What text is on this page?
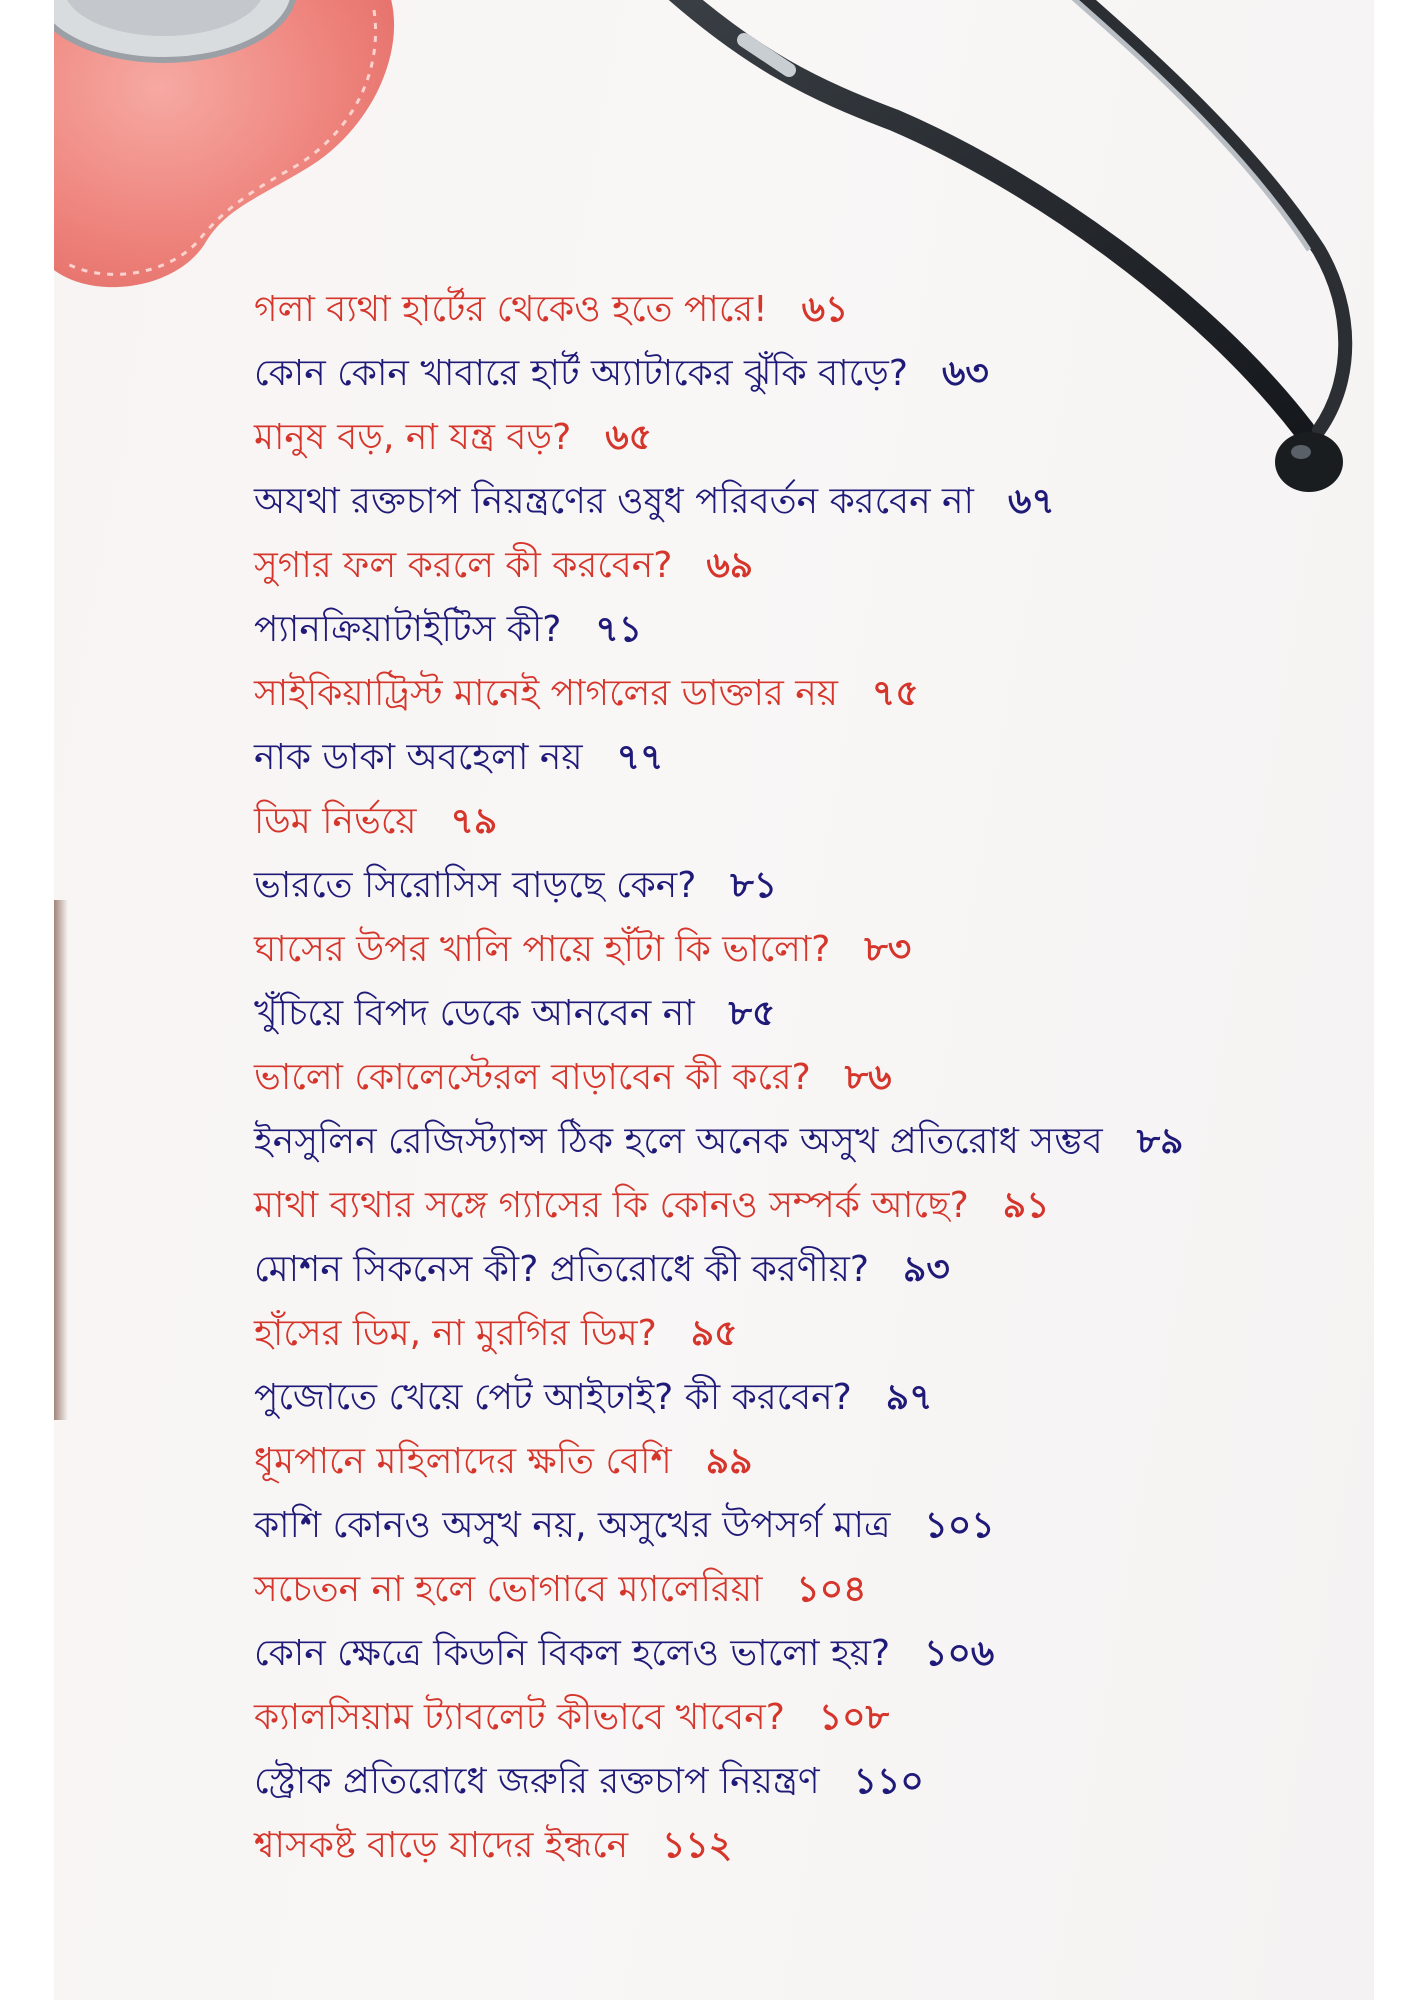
গলা ব্যথা হার্টের থেকেও হতে পারে! ৬১
কোন কোন খাবারে হার্ট অ্যাটাকের ঝুঁকি বাড়ে? ৬৩
মানুষ বড়, না যন্ত্র বড়? ৬৫
অযথা রক্তচাপ নিয়ন্ত্রণের ওষুধ পরিবর্তন করবেন না ৬৭
সুগার ফল করলে কী করবেন? ৬৯
প্যানক্রিয়াটাইটিস কী? ৭১
সাইকিয়াট্রিস্ট মানেই পাগলের ডাক্তার নয় ৭৫
নাক ডাকা অবহেলা নয় ৭৭
ডিম নির্ভয়ে ৭৯
ভারতে সিরোসিস বাড়ছে কেন? ৮১
ঘাসের উপর খালি পায়ে হাঁটা কি ভালো? ৮৩
খুঁচিয়ে বিপদ ডেকে আনবেন না ৮৫
ভালো কোলেস্টেরল বাড়াবেন কী করে? ৮৬
ইনসুলিন রেজিস্ট্যান্স ঠিক হলে অনেক অসুখ প্রতিরোধ সম্ভব ৮৯
মাথা ব্যথার সঙ্গে গ্যাসের কি কোনও সম্পর্ক আছে? ৯১
মোশন সিকনেস কী? প্রতিরোধে কী করণীয়? ৯৩
হাঁসের ডিম, না মুরগির ডিম? ৯৫
পুজোতে খেয়ে পেট আইঢাই? কী করবেন? ৯৭
ধূমপানে মহিলাদের ক্ষতি বেশি ৯৯
কাশি কোনও অসুখ নয়, অসুখের উপসর্গ মাত্র ১০১
সচেতন না হলে ভোগাবে ম্যালেরিয়া ১০৪
কোন ক্ষেত্রে কিডনি বিকল হলেও ভালো হয়? ১০৬
ক্যালসিয়াম ট্যাবলেট কীভাবে খাবেন? ১০৮
স্ট্রোক প্রতিরোধে জরুরি রক্তচাপ নিয়ন্ত্রণ ১১০
শ্বাসকষ্ট বাড়ে যাদের ইন্ধনে ১১২
